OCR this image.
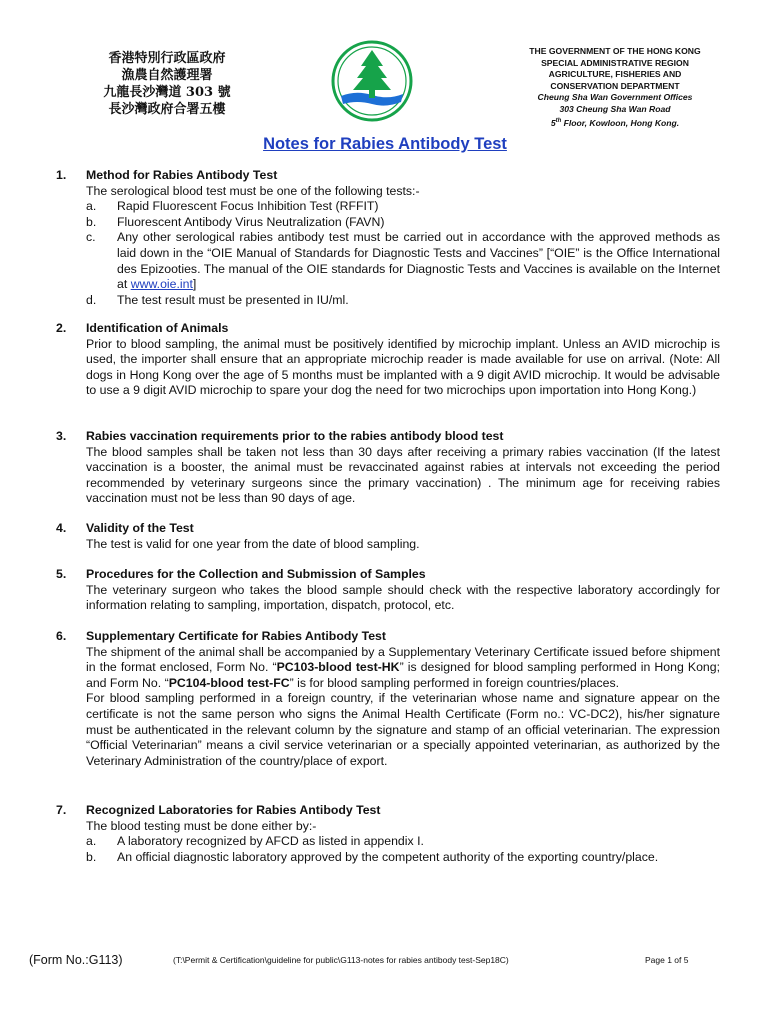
香港特別行政區政府
漁農自然護理署
九龍長沙灣道 303 號
長沙灣政府合署五樓
THE GOVERNMENT OF THE HONG KONG
SPECIAL ADMINISTRATIVE REGION
AGRICULTURE, FISHERIES AND
CONSERVATION DEPARTMENT
Cheung Sha Wan Government Offices
303 Cheung Sha Wan Road
5th Floor, Kowloon, Hong Kong.
Notes for Rabies Antibody Test
1. Method for Rabies Antibody Test

The serological blood test must be one of the following tests:-

a. Rapid Fluorescent Focus Inhibition Test (RFFIT)
b. Fluorescent Antibody Virus Neutralization (FAVN)
c. Any other serological rabies antibody test must be carried out in accordance with the approved methods as laid down in the “OIE Manual of Standards for Diagnostic Tests and Vaccines” [“OIE” is the Office International des Epizooties. The manual of the OIE standards for Diagnostic Tests and Vaccines is available on the Internet at www.oie.int]
d. The test result must be presented in IU/ml.
2. Identification of Animals

Prior to blood sampling, the animal must be positively identified by microchip implant. Unless an AVID microchip is used, the importer shall ensure that an appropriate microchip reader is made available for use on arrival. (Note: All dogs in Hong Kong over the age of 5 months must be implanted with a 9 digit AVID microchip. It would be advisable to use a 9 digit AVID microchip to spare your dog the need for two microchips upon importation into Hong Kong.)

3. Rabies vaccination requirements prior to the rabies antibody blood test

The blood samples shall be taken not less than 30 days after receiving a primary rabies vaccination (If the latest vaccination is a booster, the animal must be revaccinated against rabies at intervals not exceeding the period recommended by veterinary surgeons since the primary vaccination) . The minimum age for receiving rabies vaccination must not be less than 90 days of age.

4. Validity of the Test

The test is valid for one year from the date of blood sampling.

5. Procedures for the Collection and Submission of Samples

The veterinary surgeon who takes the blood sample should check with the respective laboratory accordingly for information relating to sampling, importation, dispatch, protocol, etc.

6. Supplementary Certificate for Rabies Antibody Test

The shipment of the animal shall be accompanied by a Supplementary Veterinary Certificate issued before shipment in the format enclosed, Form No. “PC103-blood test-HK” is designed for blood sampling performed in Hong Kong; and Form No. “PC104-blood test-FC” is for blood sampling performed in foreign countries/places.

For blood sampling performed in a foreign country, if the veterinarian whose name and signature appear on the certificate is not the same person who signs the Animal Health Certificate (Form no.: VC-DC2), his/her signature must be authenticated in the relevant column by the signature and stamp of an official veterinarian. The expression “Official Veterinarian” means a civil service veterinarian or a specially appointed veterinarian, as authorized by the Veterinary Administration of the country/place of export.

7. Recognized Laboratories for Rabies Antibody Test

The blood testing must be done either by:-

a. A laboratory recognized by AFCD as listed in appendix I.
b. An official diagnostic laboratory approved by the competent authority of the exporting country/place.
(Form No.:G113)	(T:\Permit & Certification\guideline for public\G113-notes for rabies antibody test-Sep18C)	Page 1 of 5
